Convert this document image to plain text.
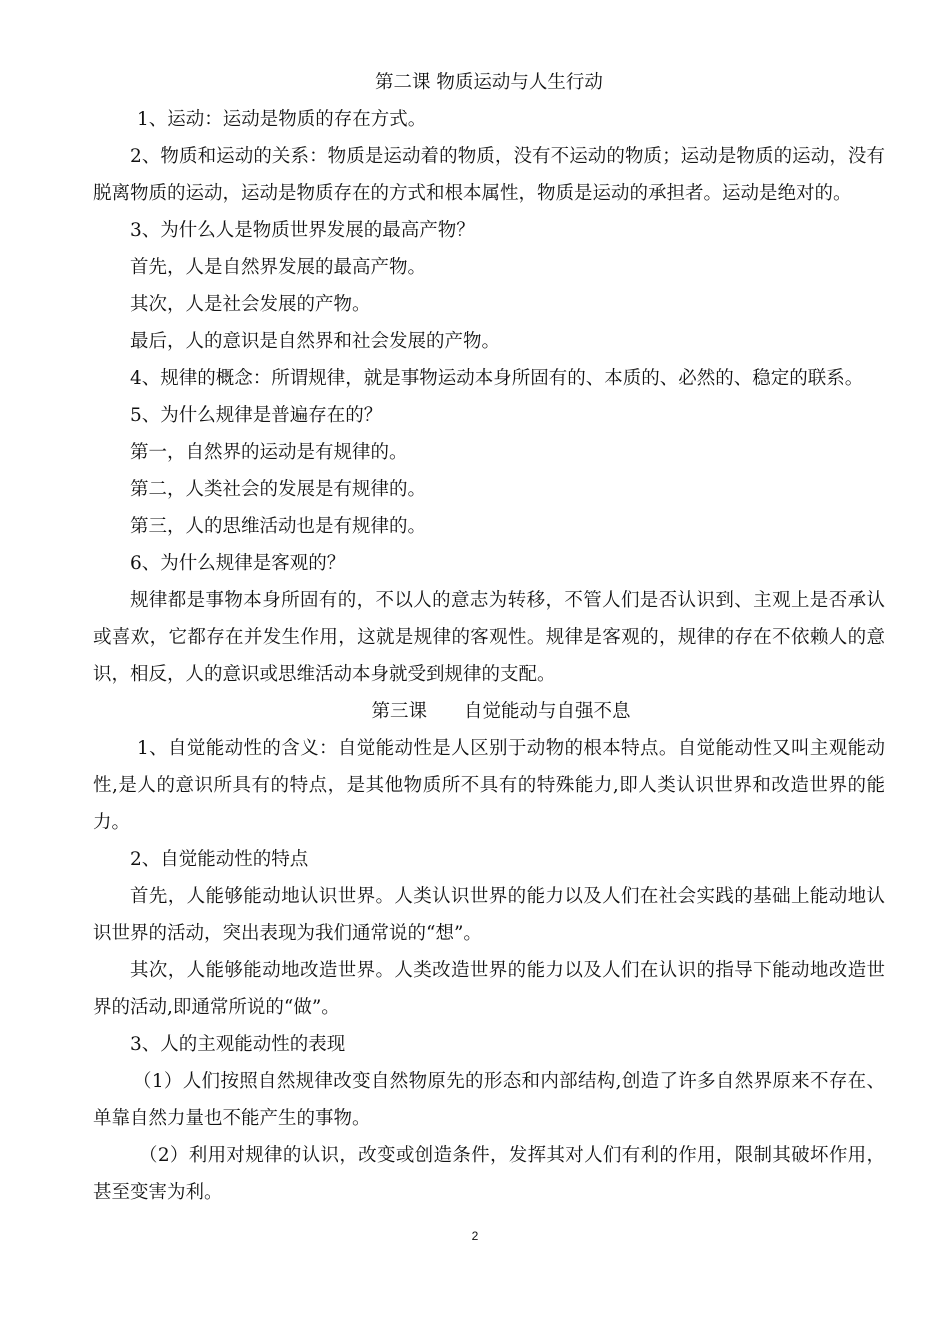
第二课 物质运动与人生行动

1、运动：运动是物质的存在方式。

2、物质和运动的关系：物质是运动着的物质，没有不运动的物质；运动是物质的运动，没有脱离物质的运动，运动是物质存在的方式和根本属性，物质是运动的承担者。运动是绝对的。

3、为什么人是物质世界发展的最高产物？

首先，人是自然界发展的最高产物。

其次，人是社会发展的产物。

最后，人的意识是自然界和社会发展的产物。

4、规律的概念：所谓规律，就是事物运动本身所固有的、本质的、必然的、稳定的联系。

5、为什么规律是普遍存在的？

第一，自然界的运动是有规律的。

第二，人类社会的发展是有规律的。

第三，人的思维活动也是有规律的。

6、为什么规律是客观的？

规律都是事物本身所固有的，不以人的意志为转移，不管人们是否认识到、主观上是否承认或喜欢，它都存在并发生作用，这就是规律的客观性。规律是客观的，规律的存在不依赖人的意识，相反，人的意识或思维活动本身就受到规律的支配。

第三课　　自觉能动与自强不息

1、自觉能动性的含义：自觉能动性是人区别于动物的根本特点。自觉能动性又叫主观能动性,是人的意识所具有的特点，是其他物质所不具有的特殊能力,即人类认识世界和改造世界的能力。

2、自觉能动性的特点

首先，人能够能动地认识世界。人类认识世界的能力以及人们在社会实践的基础上能动地认识世界的活动，突出表现为我们通常说的“想”。

其次，人能够能动地改造世界。人类改造世界的能力以及人们在认识的指导下能动地改造世界的活动,即通常所说的“做”。

3、人的主观能动性的表现

（1）人们按照自然规律改变自然物原先的形态和内部结构,创造了许多自然界原来不存在、单靠自然力量也不能产生的事物。

（2）利用对规律的认识，改变或创造条件，发挥其对人们有利的作用，限制其破坏作用，甚至变害为利。

2
